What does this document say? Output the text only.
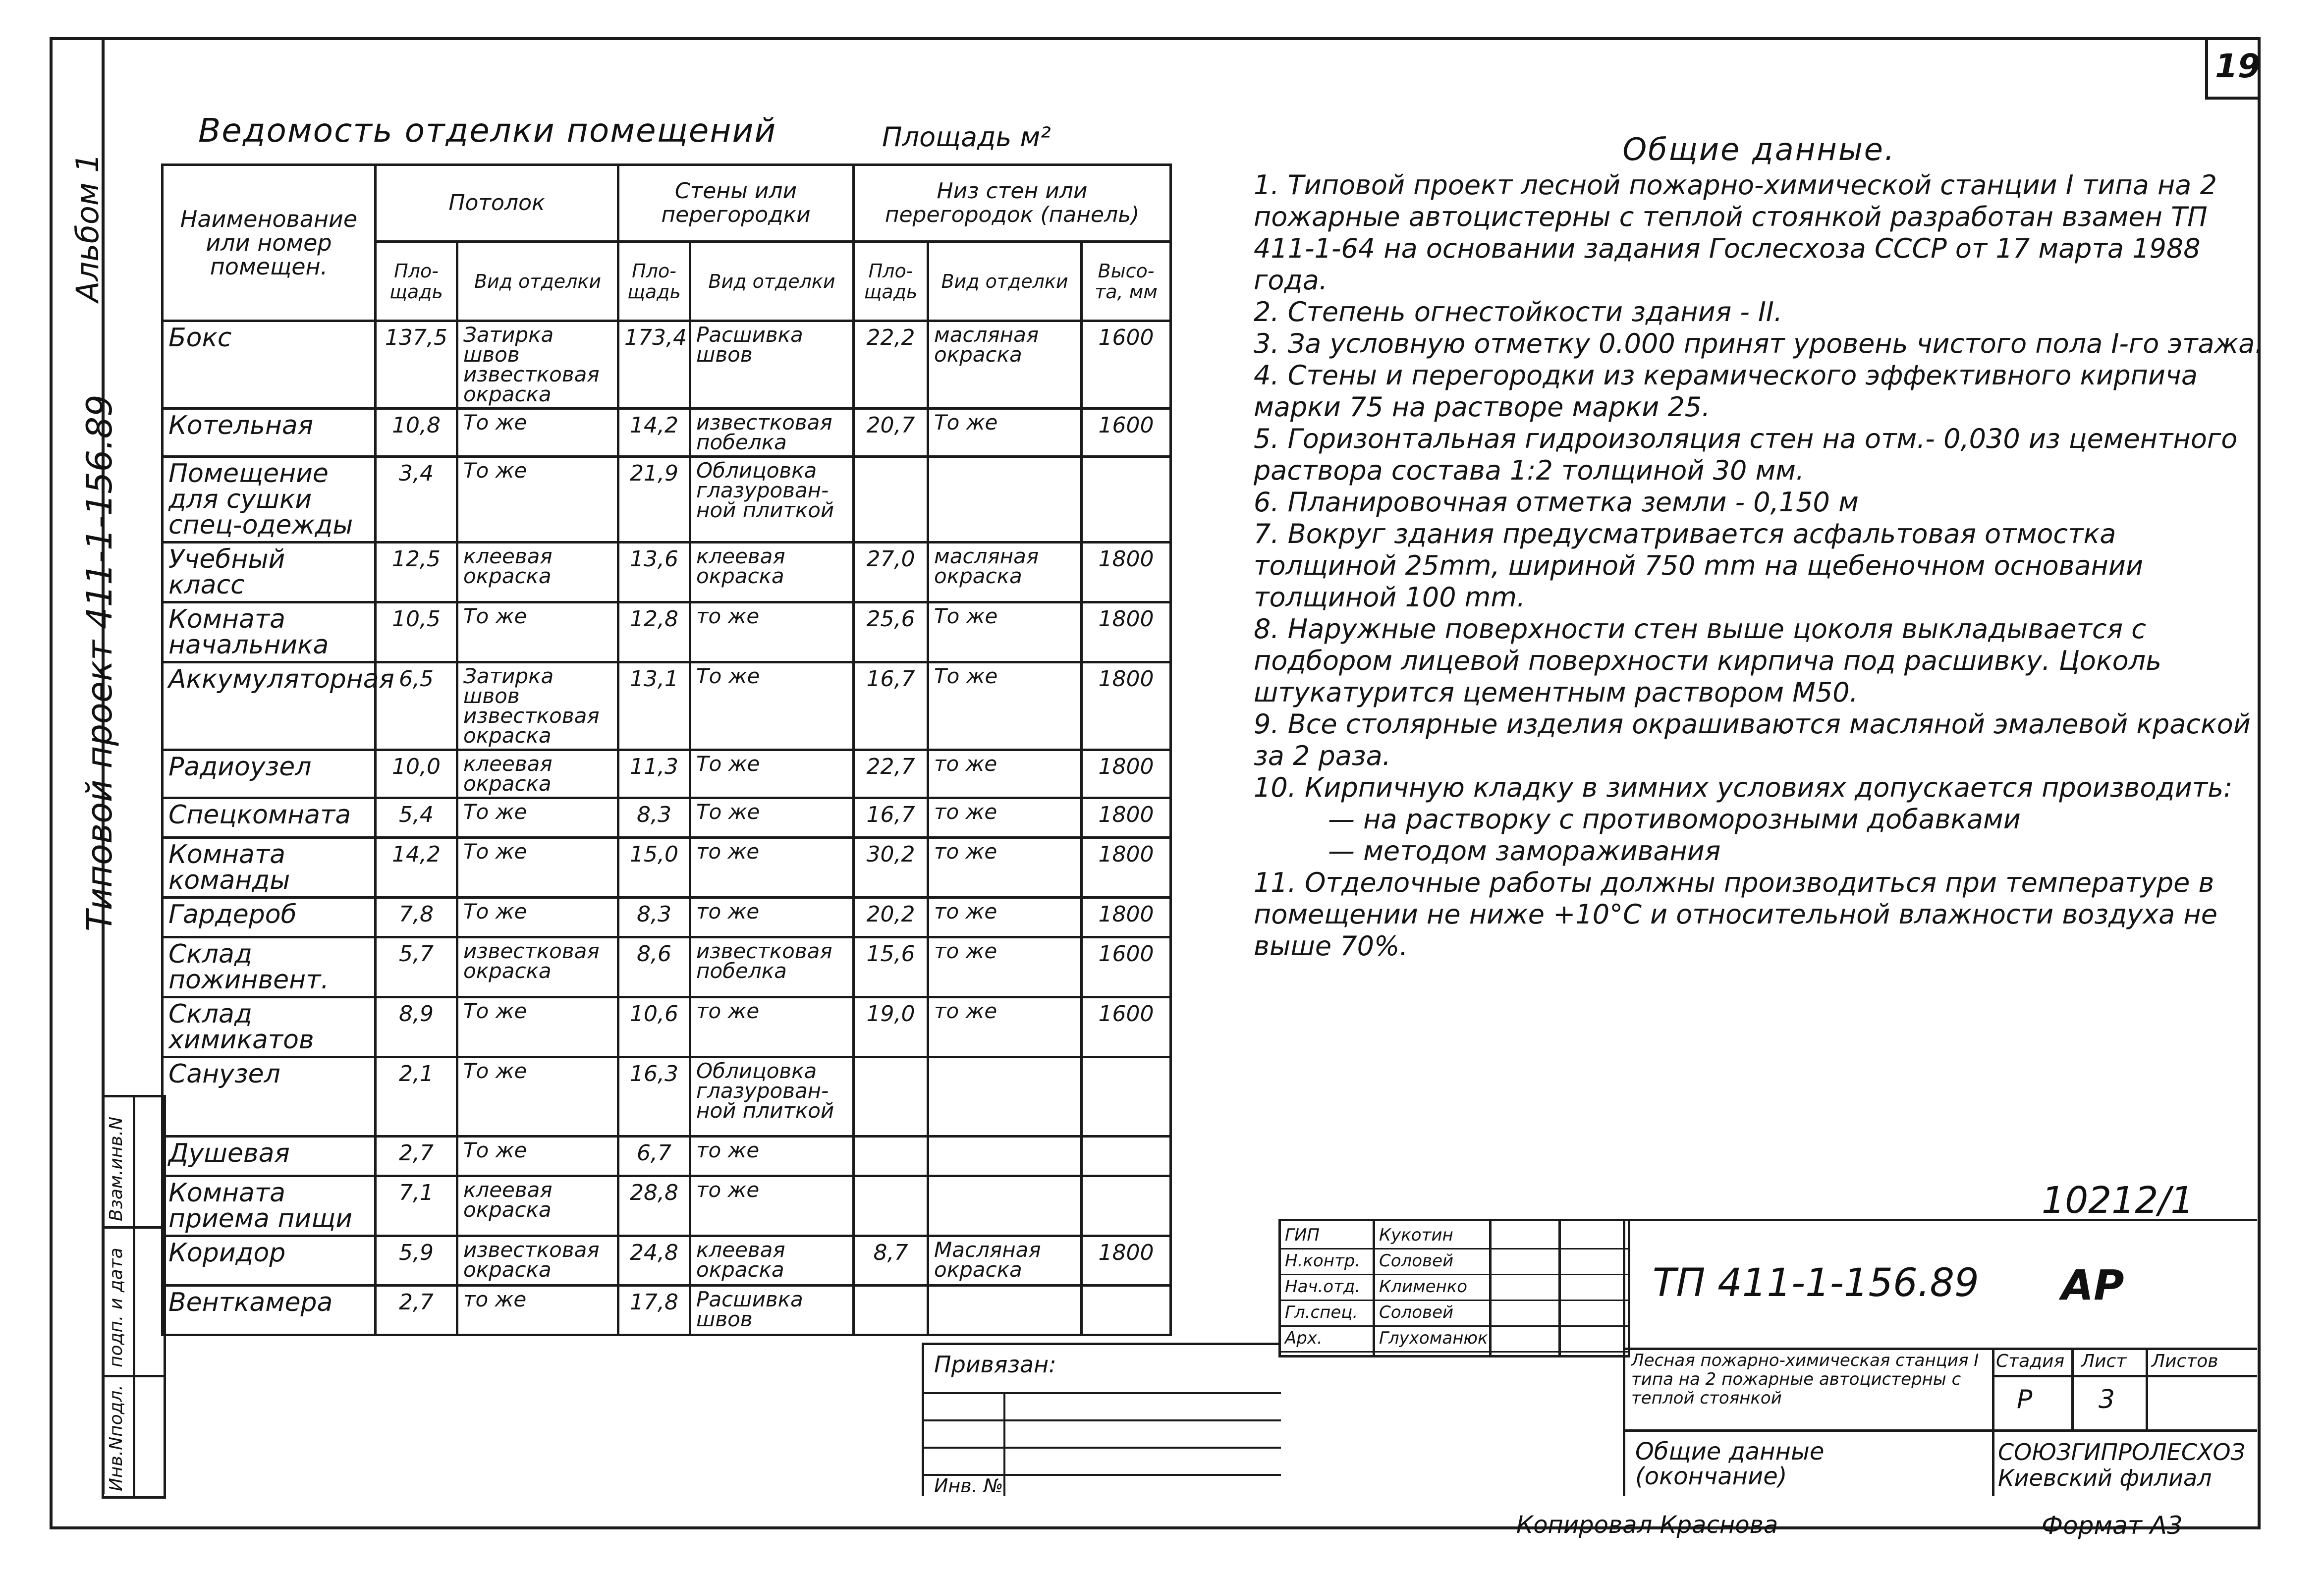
19
Альбом 1
Типовой проект 411-1-156.89
Взам.инв.N
подп. и дата
Инв.Nподл.
Ведомость отделки помещений	Площадь м²
Наименование или номер помещен.	Потолок		Стены или перегородки		Низ стен или перегородок (панель)		
	Пло-щадь	Вид отделки	Пло-щадь	Вид отделки	Пло-щадь	Вид отделки	Высо-та, мм
Бокс	137,5	Затирка швов известковая окраска	173,4	Расшивка швов	22,2	масляная окраска	1600
Котельная	10,8	То же	14,2	известковая побелка	20,7	То же	1600
Помещение для сушки спец-одежды	3,4	То же	21,9	Облицовка глазурован-ной плиткой			
Учебный класс	12,5	клеевая окраска	13,6	клеевая окраска	27,0	масляная окраска	1800
Комната начальника	10,5	То же	12,8	то же	25,6	То же	1800
Аккумуляторная	6,5	Затирка швов известковая окраска	13,1	То же	16,7	То же	1800
Радиоузел	10,0	клеевая окраска	11,3	То же	22,7	то же	1800
Спецкомната	5,4	То же	8,3	То же	16,7	то же	1800
Комната команды	14,2	То же	15,0	то же	30,2	то же	1800
Гардероб	7,8	То же	8,3	то же	20,2	то же	1800
Склад пожинвент.	5,7	известковая окраска	8,6	известковая побелка	15,6	то же	1600
Склад химикатов	8,9	То же	10,6	то же	19,0	то же	1600
Санузел	2,1	То же	16,3	Облицовка глазурован-ной плиткой			
Душевая	2,7	То же	6,7	то же			
Комната приема пищи	7,1	клеевая окраска	28,8	то же			
Коридор	5,9	известковая окраска	24,8	клеевая окраска	8,7	Масляная окраска	1800
Венткамера	2,7	то же	17,8	Расшивка швов			
Общие данные.

1. Типовой проект лесной пожарно-химической станции I типа на 2 пожарные автоцистерны с теплой стоянкой разработан взамен ТП 411-1-64 на основании задания Гослесхоза СССР от 17 марта 1988 года.

2. Степень огнестойкости здания - II.

3. За условную отметку 0.000 принят уровень чистого пола I-го этажа.

4. Стены и перегородки из керамического эффективного кирпича марки 75 на растворе марки 25.

5. Горизонтальная гидроизоляция стен на отм.- 0,030 из цементного раствора состава 1:2 толщиной 30 мм.

6. Планировочная отметка земли - 0,150 м

7. Вокруг здания предусматривается асфальтовая отмостка толщиной 25mm, шириной 750 mm на щебеночном основании толщиной 100 mm.

8. Наружные поверхности стен выше цоколя выкладывается с подбором лицевой поверхности кирпича под расшивку. Цоколь штукатурится цементным раствором М50.

9. Все столярные изделия окрашиваются масляной эмалевой краской за 2 раза.

10. Кирпичную кладку в зимних условиях допускается производить:

— на растворку с противоморозными добавками

— методом замораживания

11. Отделочные работы должны производиться при температуре в помещении не ниже +10°С и относительной влажности воздуха не выше 70%.

10212/1
ГИП	Кукотин
Н.контр. Соловей
Нач.отд. Клименко
Гл.спец. Соловей
Арх.	Глухоманюк
ТП 411-1-156.89 АР
Лесная пожарно-химическая станция I типа на 2 пожарные автоцистерны с теплой стоянкой
Стадия Лист Листов
Р	3
Общие данные (окончание)
СОЮЗГИПРОЛЕСХОЗ Киевский филиал
Привязан:
Инв. №
Копировал Краснова	Формат А3
